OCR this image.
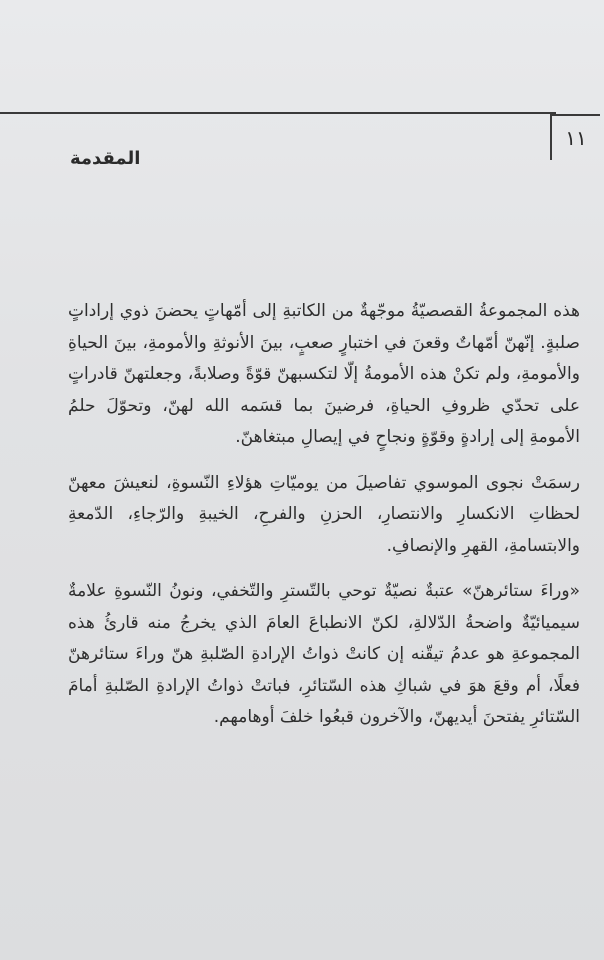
١١
المقدمة

هذه المجموعةُ القصصيّةُ موجّهةٌ من الكاتبةِ إلى أمّهاتٍ يحضنَ ذوي إراداتٍ صلبةٍ. إنّهنّ أمّهاتٌ وقعنَ في اختبارٍ صعبٍ، بينَ الأنوثةِ والأمومةِ، بينَ الحياةِ والأمومةِ، ولم تكنْ هذه الأمومةُ إلّا لتكسبهنّ قوّةً وصلابةً، وجعلتهنّ قادراتٍ على تحدّي ظروفِ الحياةِ، فرضينَ بما قسَمه الله لهنّ، وتحوّلَ حلمُ الأمومةِ إلى إرادةٍ وقوّةٍ ونجاحٍ في إيصالِ مبتغاهنّ.

رسمَتْ نجوى الموسوي تفاصيلَ من يوميّاتِ هؤلاءِ النّسوةِ، لنعيشَ معهنّ لحظاتِ الانكسارِ والانتصارِ، الحزنِ والفرحِ، الخيبةِ والرّجاءِ، الدّمعةِ والابتسامةِ، القهرِ والإنصافِ.

«وراءَ ستائرهنّ» عتبةٌ نصيّةٌ توحي بالتّسترِ والتّخفي، ونونُ النّسوةِ علامةٌ سيميائيّةٌ واضحةُ الدّلالةِ، لكنّ الانطباعَ العامَ الذي يخرجُ منه قارئُ هذه المجموعةِ هو عدمُ تيقّنه إن كانتْ ذواتُ الإرادةِ الصّلبةِ هنّ وراءَ ستائرهنّ فعلًا، أم وقعَ هوَ في شباكِ هذه السّتائرِ، فباتتْ ذواتُ الإرادةِ الصّلبةِ أمامَ السّتائرِ يفتحنَ أيديهنّ، والآخرون قبعُوا خلفَ أوهامهم.
